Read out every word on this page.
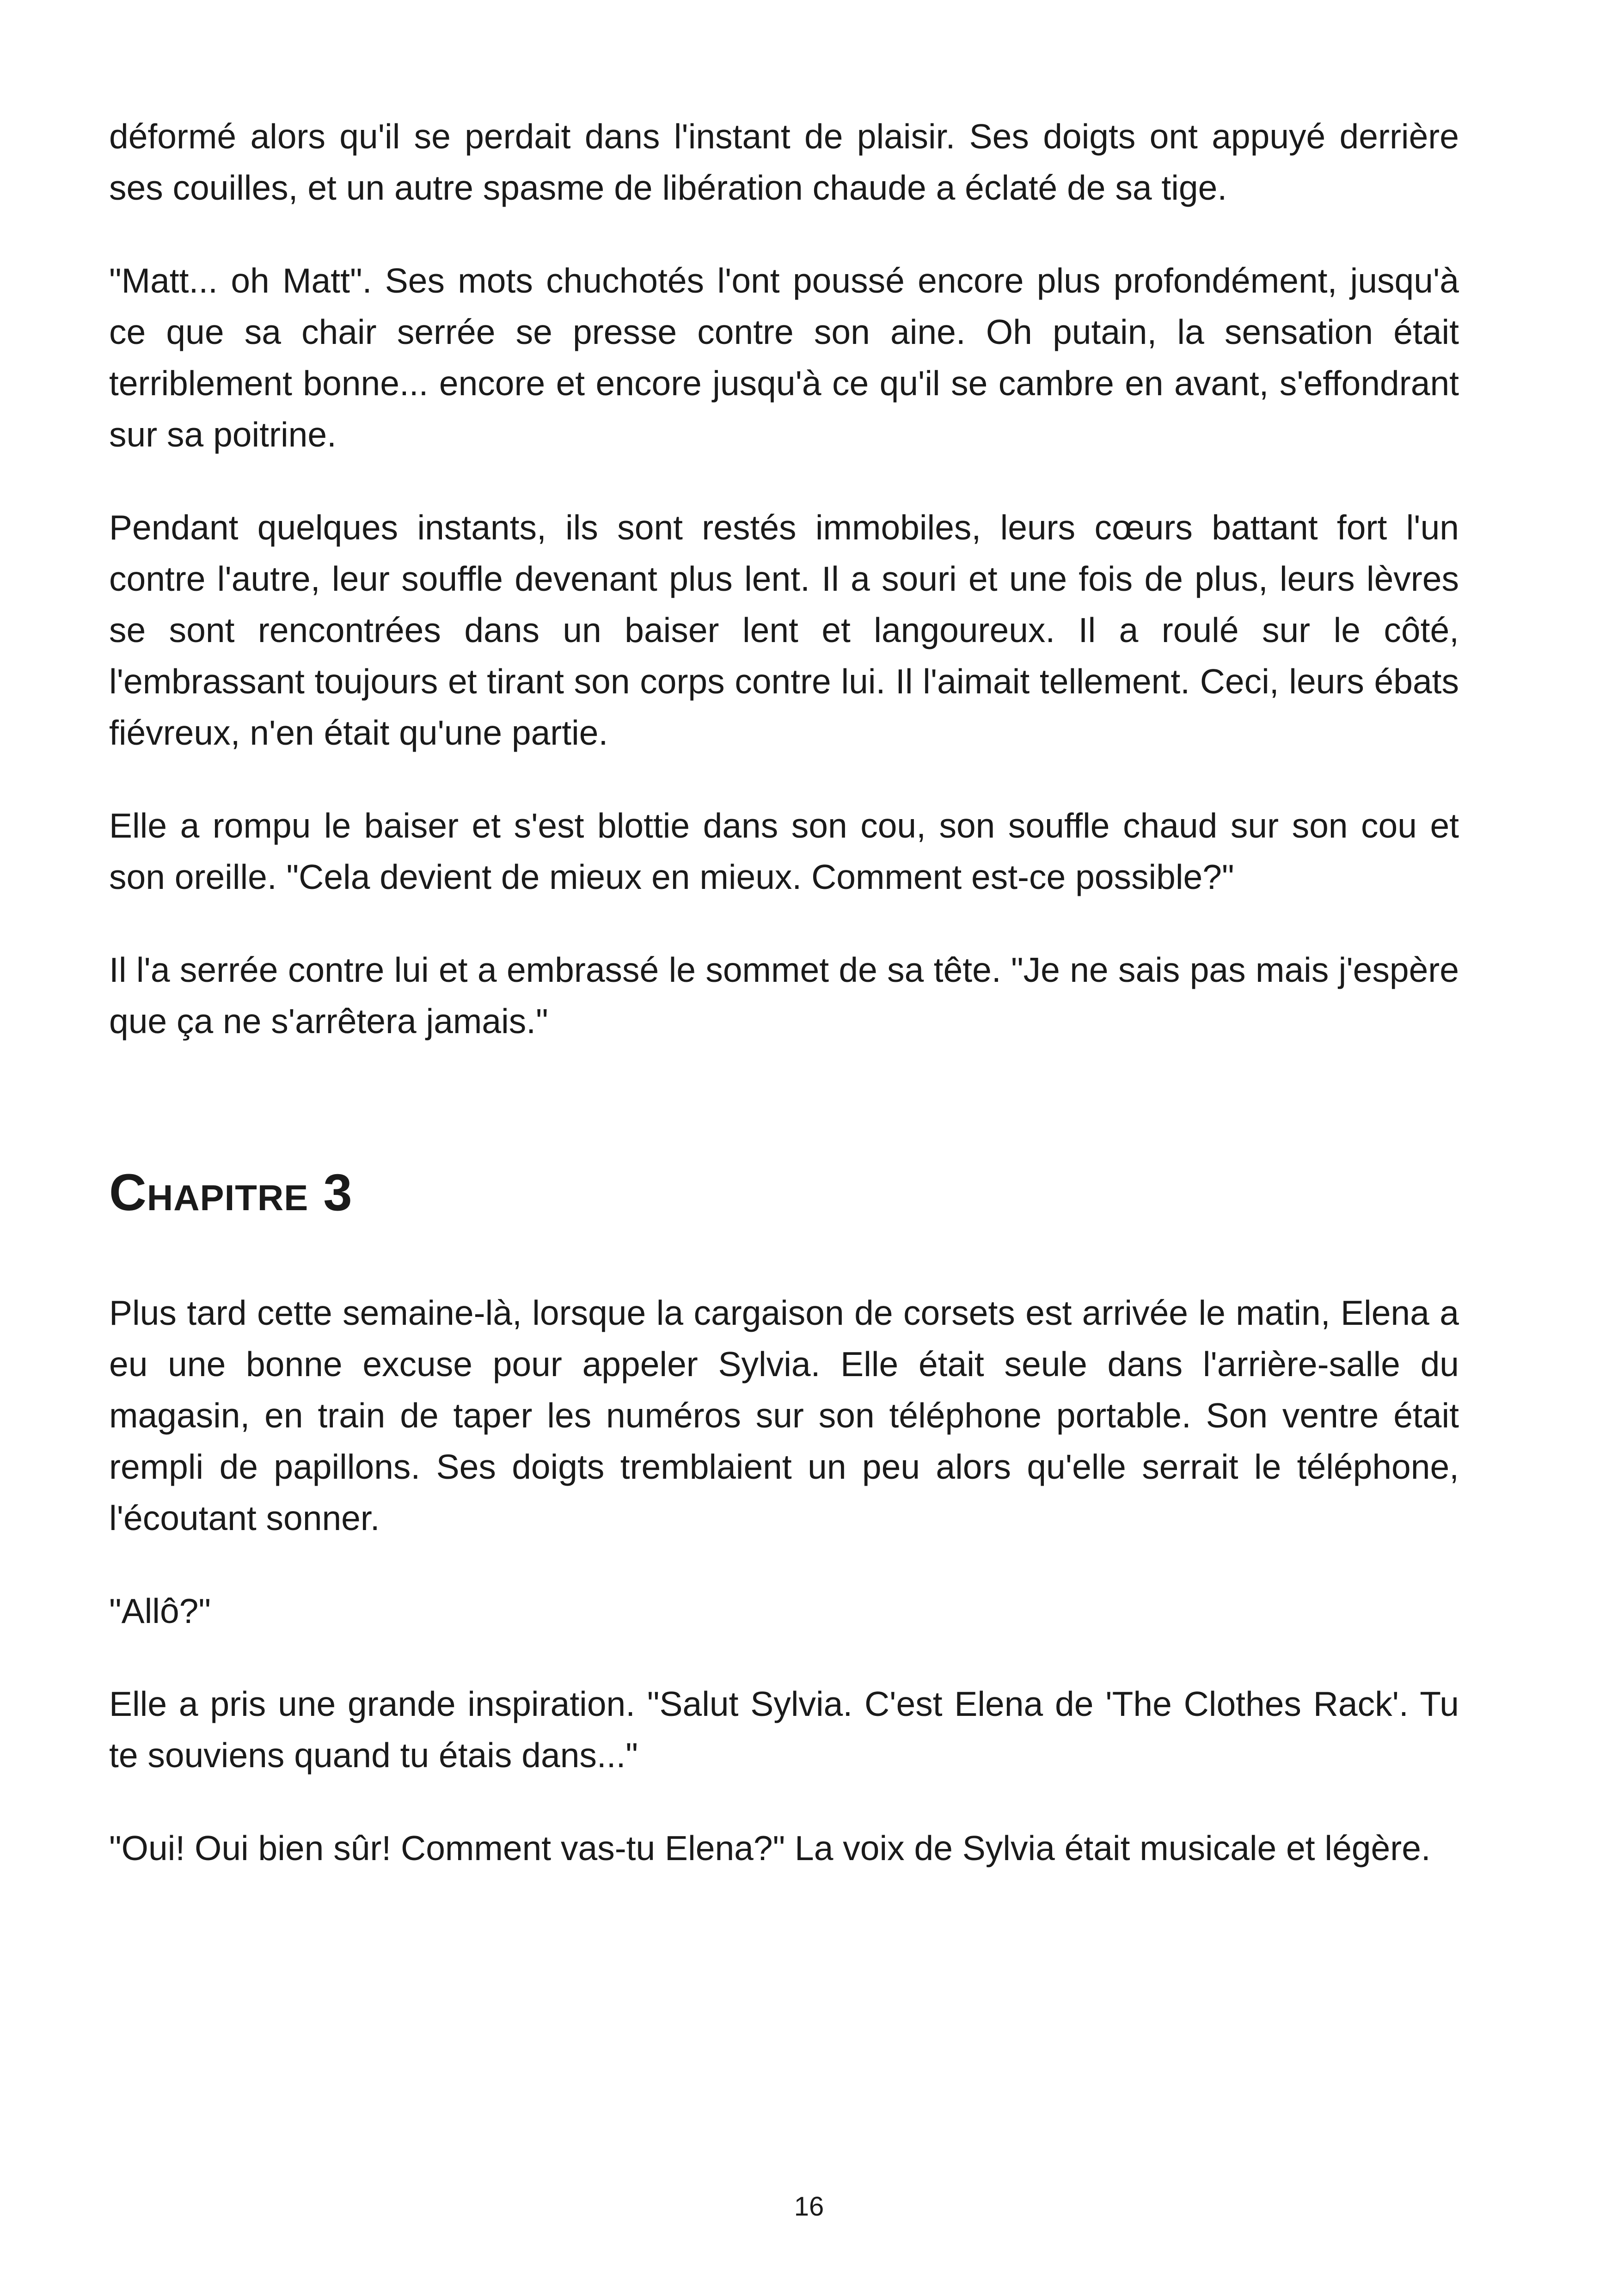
déformé alors qu'il se perdait dans l'instant de plaisir. Ses doigts ont appuyé derrière ses couilles, et un autre spasme de libération chaude a éclaté de sa tige.

"Matt... oh Matt". Ses mots chuchotés l'ont poussé encore plus profondément, jusqu'à ce que sa chair serrée se presse contre son aine. Oh putain, la sensation était terriblement bonne... encore et encore jusqu'à ce qu'il se cambre en avant, s'effondrant sur sa poitrine.

Pendant quelques instants, ils sont restés immobiles, leurs cœurs battant fort l'un contre l'autre, leur souffle devenant plus lent. Il a souri et une fois de plus, leurs lèvres se sont rencontrées dans un baiser lent et langoureux. Il a roulé sur le côté, l'embrassant toujours et tirant son corps contre lui. Il l'aimait tellement. Ceci, leurs ébats fiévreux, n'en était qu'une partie.

Elle a rompu le baiser et s'est blottie dans son cou, son souffle chaud sur son cou et son oreille. "Cela devient de mieux en mieux. Comment est-ce possible?"

Il l'a serrée contre lui et a embrassé le sommet de sa tête. "Je ne sais pas mais j'espère que ça ne s'arrêtera jamais."

Chapitre 3

Plus tard cette semaine-là, lorsque la cargaison de corsets est arrivée le matin, Elena a eu une bonne excuse pour appeler Sylvia. Elle était seule dans l'arrière-salle du magasin, en train de taper les numéros sur son téléphone portable. Son ventre était rempli de papillons. Ses doigts tremblaient un peu alors qu'elle serrait le téléphone, l'écoutant sonner.

"Allô?"

Elle a pris une grande inspiration. "Salut Sylvia. C'est Elena de 'The Clothes Rack'. Tu te souviens quand tu étais dans..."

"Oui! Oui bien sûr! Comment vas-tu Elena?" La voix de Sylvia était musicale et légère.

16
